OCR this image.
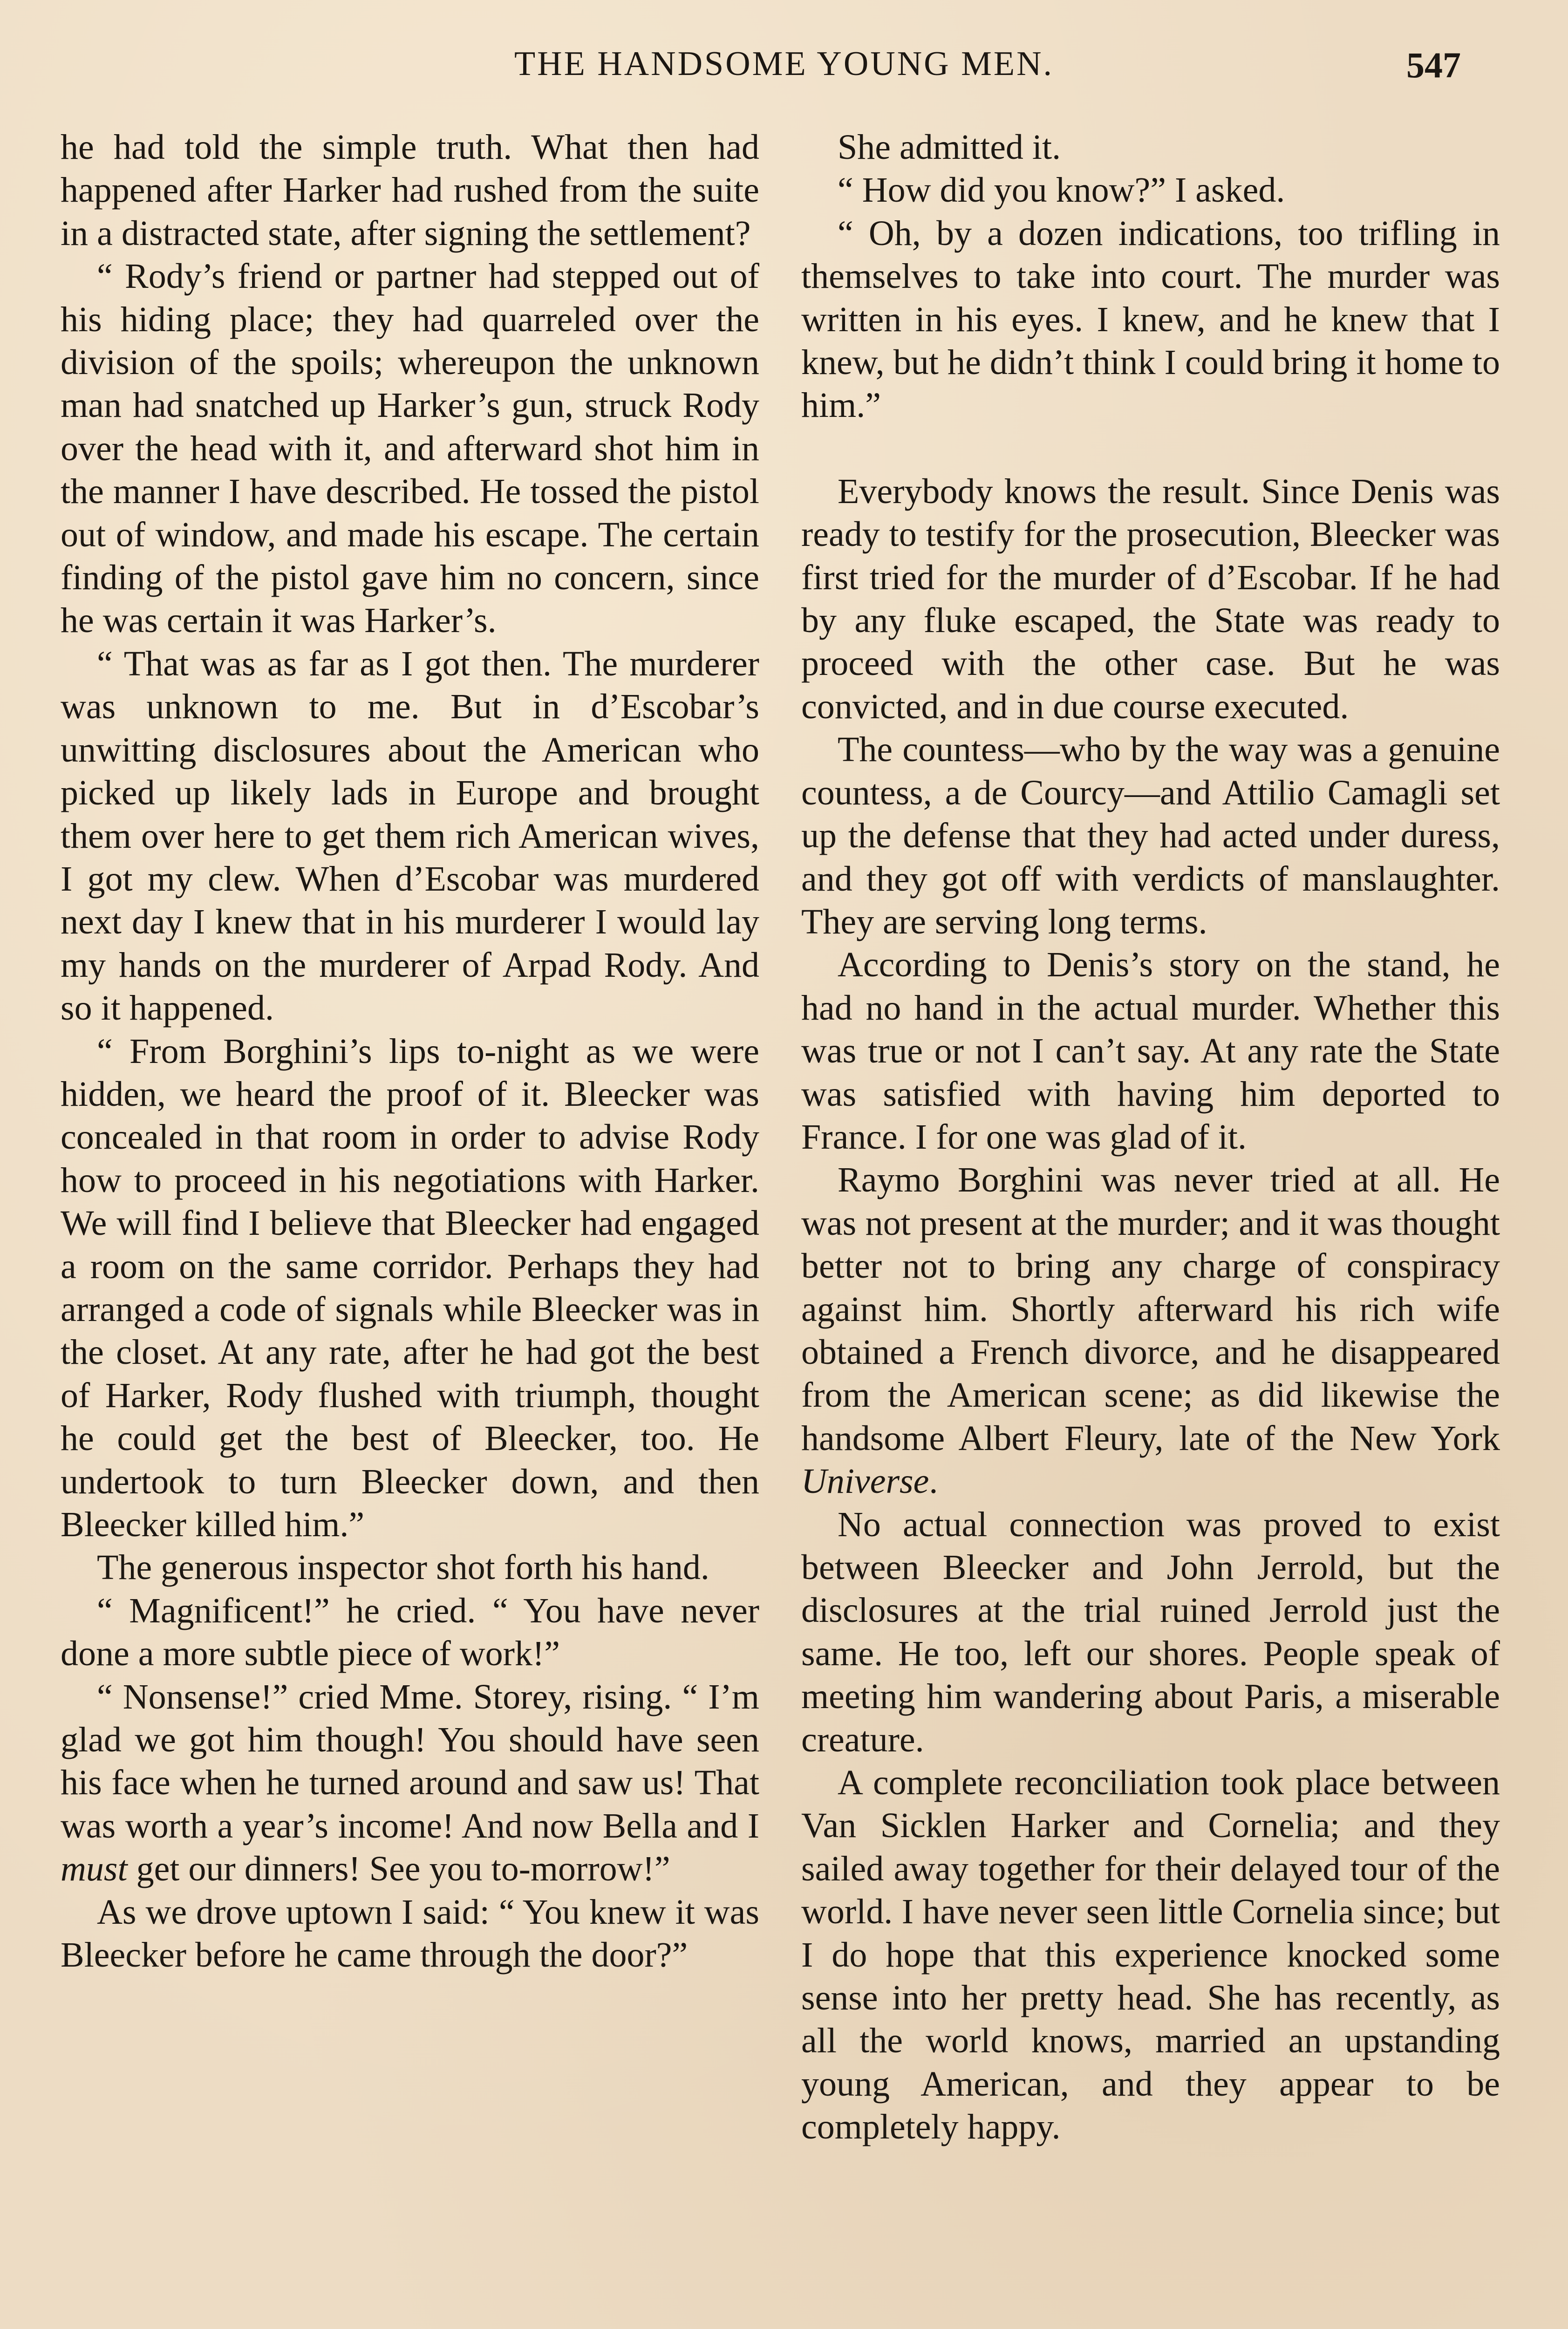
THE HANDSOME YOUNG MEN.	547

he had told the simple truth. What then had happened after Harker had rushed from the suite in a distracted state, after signing the settlement?

“ Rody’s friend or partner had stepped out of his hiding place; they had quarreled over the division of the spoils; whereupon the unknown man had snatched up Harker’s gun, struck Rody over the head with it, and afterward shot him in the manner I have described. He tossed the pistol out of window, and made his escape. The certain finding of the pistol gave him no concern, since he was certain it was Harker’s.

“ That was as far as I got then. The murderer was unknown to me. But in d’Escobar’s unwitting disclosures about the American who picked up likely lads in Europe and brought them over here to get them rich American wives, I got my clew. When d’Escobar was murdered next day I knew that in his murderer I would lay my hands on the murderer of Arpad Rody. And so it happened.

“ From Borghini’s lips to-night as we were hidden, we heard the proof of it. Bleecker was concealed in that room in order to advise Rody how to proceed in his negotiations with Harker. We will find I believe that Bleecker had engaged a room on the same corridor. Perhaps they had arranged a code of signals while Bleecker was in the closet. At any rate, after he had got the best of Harker, Rody flushed with triumph, thought he could get the best of Bleecker, too. He undertook to turn Bleecker down, and then Bleecker killed him.”

The generous inspector shot forth his hand.

“ Magnificent!” he cried. “ You have never done a more subtle piece of work!”

“ Nonsense!” cried Mme. Storey, rising. “ I’m glad we got him though! You should have seen his face when he turned around and saw us! That was worth a year’s income! And now Bella and I must get our dinners! See you to-morrow!”

As we drove uptown I said: “ You knew it was Bleecker before he came through the door?”

She admitted it.

“ How did you know?” I asked.

“ Oh, by a dozen indications, too trifling in themselves to take into court. The murder was written in his eyes. I knew, and he knew that I knew, but he didn’t think I could bring it home to him.”

Everybody knows the result. Since Denis was ready to testify for the prosecution, Bleecker was first tried for the murder of d’Escobar. If he had by any fluke escaped, the State was ready to proceed with the other case. But he was convicted, and in due course executed.

The countess—who by the way was a genuine countess, a de Courcy—and Attilio Camagli set up the defense that they had acted under duress, and they got off with verdicts of manslaughter. They are serving long terms.

According to Denis’s story on the stand, he had no hand in the actual murder. Whether this was true or not I can’t say. At any rate the State was satisfied with having him deported to France. I for one was glad of it.

Raymo Borghini was never tried at all. He was not present at the murder; and it was thought better not to bring any charge of conspiracy against him. Shortly afterward his rich wife obtained a French divorce, and he disappeared from the American scene; as did likewise the handsome Albert Fleury, late of the New York Universe.

No actual connection was proved to exist between Bleecker and John Jerrold, but the disclosures at the trial ruined Jerrold just the same. He too, left our shores. People speak of meeting him wandering about Paris, a miserable creature.

A complete reconciliation took place between Van Sicklen Harker and Cornelia; and they sailed away together for their delayed tour of the world. I have never seen little Cornelia since; but I do hope that this experience knocked some sense into her pretty head. She has recently, as all the world knows, married an upstanding young American, and they appear to be completely happy.
